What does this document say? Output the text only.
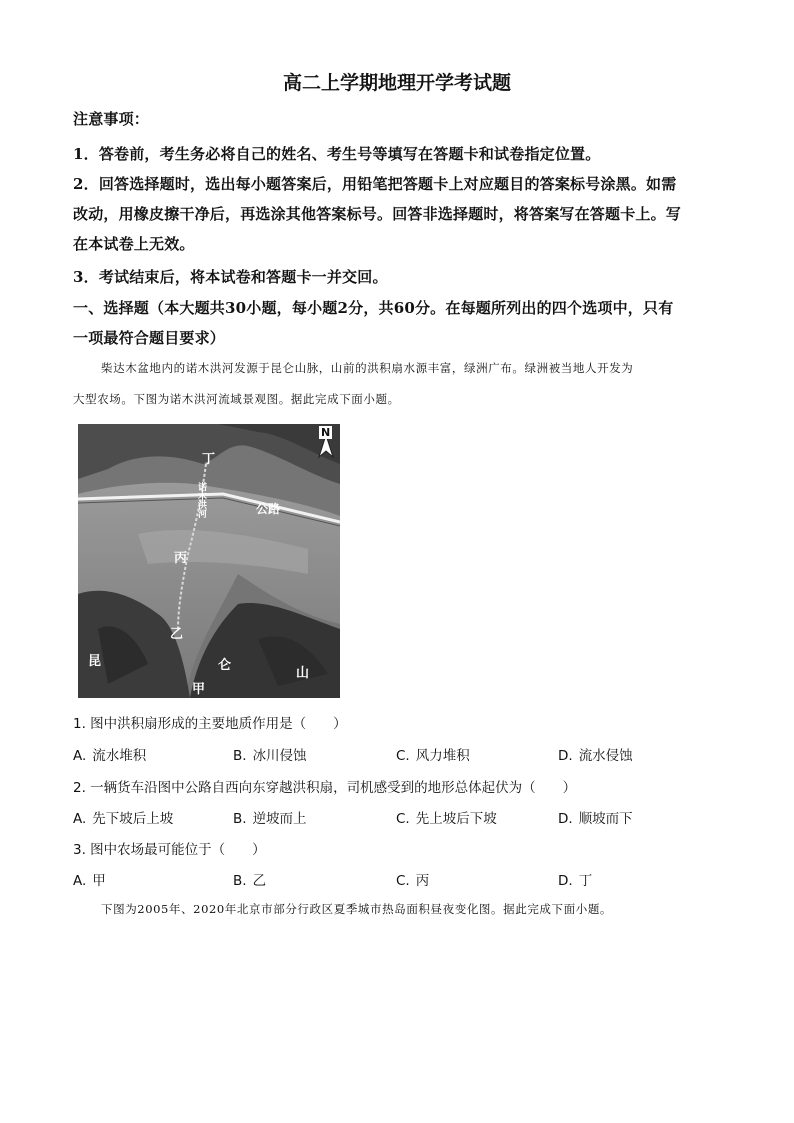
高二上学期地理开学考试题
注意事项：
1．答卷前，考生务必将自己的姓名、考生号等填写在答题卡和试卷指定位置。
2．回答选择题时，选出每小题答案后，用铅笔把答题卡上对应题目的答案标号涂黑。如需
改动，用橡皮擦干净后，再选涂其他答案标号。回答非选择题时，将答案写在答题卡上。写
在本试卷上无效。
3．考试结束后，将本试卷和答题卡一并交回。
一、选择题（本大题共30小题，每小题2分，共60分。在每题所列出的四个选项中，只有
一项最符合题目要求）
柴达木盆地内的诺木洪河发源于昆仑山脉，山前的洪积扇水源丰富，绿洲广布。绿洲被当地人开发为
大型农场。下图为诺木洪河流域景观图。据此完成下面小题。
N
丁
诺木洪河	公路
丙
乙
甲
昆	仑
山
1. 图中洪积扇形成的主要地质作用是（　　）
A. 流水堆积	B. 冰川侵蚀	C. 风力堆积	D. 流水侵蚀
2. 一辆货车沿图中公路自西向东穿越洪积扇，司机感受到的地形总体起伏为（　　）
A. 先下坡后上坡	B. 逆坡而上	C. 先上坡后下坡	D. 顺坡而下
3. 图中农场最可能位于（　　）
A. 甲	B. 乙	C. 丙	D. 丁
下图为2005年、2020年北京市部分行政区夏季城市热岛面积昼夜变化图。据此完成下面小题。
